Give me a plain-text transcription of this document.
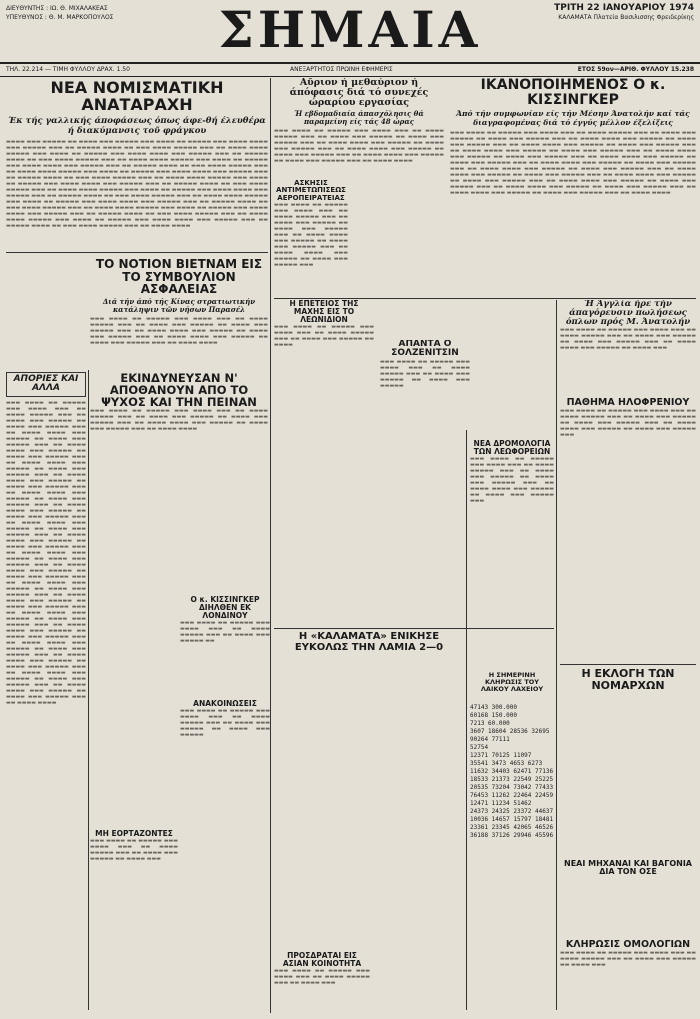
ΔΙΕΥΘΥΝΤΗΣ : ΙΩ. Θ. ΜΙΧΑΛΑΚΕΑΣ
ΥΠΕΥΘΥΝΟΣ : Θ. Μ. ΜΑΡΚΟΠΟΥΛΟΣ ΣΗΜΑΙΑ	ΤΡΙΤΗ 22 ΙΑΝΟΥΑΡΙΟΥ 1974
ΚΑΛΑΜΑΤΑ Πλατεία Βασιλισσης Φρειδερίκης
ΤΗΛ. 22.214 — ΤΙΜΗ ΦΥΛΛΟΥ ΔΡΑΧ. 1.50	ΑΝΕΞΑΡΤΗΤΟΣ ΠΡΩΙΝΗ ΕΦΗΜΕΡΙΣ	ΕΤΟΣ 59ον—ΑΡΙΘ. ΦΥΛΛΟΥ 15.238
ΝΕΑ ΝΟΜΙΣΜΑΤΙΚΗ ΑΝΑΤΑΡΑΧΗ
Έκ τής γαλλικής άποφάσεως όπως άφε-θή έλευθέρα ή διακύμανσις τοῦ φράγκου
▬▬▬▬ ▬▬▬ ▬▬▬▬▬ ▬▬ ▬▬▬▬ ▬▬▬ ▬▬▬▬▬ ▬▬▬ ▬▬▬▬ ▬▬ ▬▬▬▬▬ ▬▬▬ ▬▬▬▬ ▬▬▬▬ ▬▬▬ ▬▬▬▬▬ ▬▬▬ ▬▬ ▬▬▬▬▬ ▬▬▬▬ ▬▬ ▬▬▬ ▬▬▬▬ ▬▬▬▬▬ ▬▬▬ ▬▬ ▬▬▬▬ ▬▬▬▬ ▬▬▬▬▬ ▬▬▬ ▬▬▬▬ ▬▬ ▬▬▬▬▬ ▬▬▬ ▬▬▬▬ ▬▬▬▬ ▬▬▬ ▬▬▬▬▬ ▬▬▬ ▬▬ ▬▬▬▬▬ ▬▬▬▬ ▬▬ ▬▬▬ ▬▬▬▬ ▬▬▬▬▬ ▬▬▬ ▬▬ ▬▬▬▬ ▬▬▬▬ ▬▬▬▬▬ ▬▬▬ ▬▬▬▬ ▬▬ ▬▬▬▬▬ ▬▬▬ ▬▬▬▬ ▬▬▬▬ ▬▬▬ ▬▬▬▬▬ ▬▬▬ ▬▬ ▬▬▬▬▬ ▬▬▬▬ ▬▬ ▬▬▬ ▬▬▬▬ ▬▬▬▬▬ ▬▬▬ ▬▬ ▬▬▬▬ ▬▬▬▬ ▬▬▬▬▬ ▬▬▬ ▬▬▬▬ ▬▬ ▬▬▬▬▬ ▬▬▬ ▬▬▬▬ ▬▬▬▬ ▬▬▬ ▬▬▬▬▬ ▬▬▬ ▬▬ ▬▬▬▬▬ ▬▬▬▬ ▬▬ ▬▬▬ ▬▬▬▬ ▬▬▬▬▬ ▬▬▬ ▬▬ ▬▬▬▬ ▬▬▬▬ ▬▬▬▬▬ ▬▬▬ ▬▬▬▬ ▬▬ ▬▬▬▬▬ ▬▬▬ ▬▬▬▬ ▬▬▬▬ ▬▬▬ ▬▬▬▬▬ ▬▬▬ ▬▬ ▬▬▬▬▬ ▬▬▬▬ ▬▬ ▬▬▬ ▬▬▬▬ ▬▬▬▬▬ ▬▬▬ ▬▬ ▬▬▬▬ ▬▬▬▬ ▬▬▬▬▬ ▬▬▬ ▬▬▬▬ ▬▬ ▬▬▬▬▬ ▬▬▬ ▬▬▬▬ ▬▬▬▬ ▬▬▬ ▬▬▬▬▬ ▬▬▬ ▬▬ ▬▬▬▬▬ ▬▬▬▬ ▬▬ ▬▬▬ ▬▬▬▬ ▬▬▬▬▬ ▬▬▬ ▬▬ ▬▬▬▬ ▬▬▬▬ ▬▬▬▬▬ ▬▬▬ ▬▬▬▬ ▬▬ ▬▬▬▬▬ ▬▬▬ ▬▬▬▬ ▬▬▬▬ ▬▬▬ ▬▬▬▬▬ ▬▬▬ ▬▬ ▬▬▬▬▬ ▬▬▬▬ ▬▬ ▬▬▬ ▬▬▬▬ ▬▬▬▬▬ ▬▬▬ ▬▬ ▬▬▬▬ ▬▬▬▬ ▬▬▬▬▬ ▬▬▬ ▬▬▬▬ ▬▬ ▬▬▬▬▬ ▬▬▬ ▬▬▬▬ ▬▬▬▬ ▬▬▬ ▬▬▬▬▬ ▬▬▬ ▬▬ ▬▬▬▬▬ ▬▬▬▬ ▬▬ ▬▬▬ ▬▬▬▬ ▬▬▬▬▬ ▬▬▬ ▬▬ ▬▬▬▬ ▬▬▬▬ ▬▬▬▬▬ ▬▬▬ ▬▬▬▬ ▬▬ ▬▬▬▬▬ ▬▬▬ ▬▬▬▬ ▬▬▬▬ ▬▬▬ ▬▬▬▬▬ ▬▬▬ ▬▬ ▬▬▬▬▬ ▬▬▬▬ ▬▬ ▬▬▬ ▬▬▬▬ ▬▬▬▬▬ ▬▬▬ ▬▬ ▬▬▬▬ ▬▬▬▬
Αὔριον ή μεθαύριον ή άπόφασις διά τό συνεχές ώραρίου εργασίας
Ή εβδομαδιαία άπασχόλησις θά παραμείνη είς τάς 48 ώρας
▬▬▬ ▬▬▬▬ ▬▬ ▬▬▬▬▬ ▬▬▬ ▬▬▬▬ ▬▬▬ ▬▬ ▬▬▬▬ ▬▬▬▬▬ ▬▬▬ ▬▬ ▬▬▬▬ ▬▬▬ ▬▬▬▬▬ ▬▬ ▬▬▬▬ ▬▬▬ ▬▬▬▬▬ ▬▬▬ ▬▬ ▬▬▬▬ ▬▬▬▬ ▬▬▬ ▬▬▬▬▬ ▬▬ ▬▬▬▬ ▬▬▬ ▬▬▬▬▬ ▬▬▬ ▬▬ ▬▬▬▬ ▬▬▬▬ ▬▬▬ ▬▬▬▬▬ ▬▬ ▬▬▬▬ ▬▬▬ ▬▬▬▬▬ ▬▬▬ ▬▬ ▬▬▬▬ ▬▬▬▬ ▬▬▬ ▬▬▬▬▬ ▬▬ ▬▬▬▬ ▬▬▬ ▬▬▬▬▬ ▬▬▬ ▬▬ ▬▬▬▬ ▬▬▬▬
ΙΚΑΝΟΠΟΙΗΜΕΝΟΣ Ο κ. ΚΙΣΣΙΝΓΚΕΡ
Άπό τήν συμφωνίαν είς τήν Μέσην Άνατολήν καί τάς διαγραφομένας διά τό έγγύς μέλλον έξελίξεις
▬▬▬ ▬▬▬▬ ▬▬ ▬▬▬▬▬ ▬▬▬ ▬▬▬▬ ▬▬▬ ▬▬ ▬▬▬▬ ▬▬▬▬▬ ▬▬▬ ▬▬ ▬▬▬▬ ▬▬▬ ▬▬▬▬▬ ▬▬ ▬▬▬▬ ▬▬▬ ▬▬▬▬▬ ▬▬▬ ▬▬ ▬▬▬▬ ▬▬▬▬ ▬▬▬ ▬▬▬▬▬ ▬▬ ▬▬▬▬ ▬▬▬ ▬▬▬▬▬ ▬▬▬ ▬▬ ▬▬▬▬ ▬▬▬▬ ▬▬▬ ▬▬▬▬▬ ▬▬ ▬▬▬▬ ▬▬▬ ▬▬▬▬▬ ▬▬▬ ▬▬ ▬▬▬▬ ▬▬▬▬ ▬▬▬ ▬▬▬▬▬ ▬▬ ▬▬▬▬ ▬▬▬ ▬▬▬▬▬ ▬▬▬ ▬▬ ▬▬▬▬ ▬▬▬▬ ▬▬▬ ▬▬▬▬▬ ▬▬ ▬▬▬▬ ▬▬▬ ▬▬▬▬▬ ▬▬▬ ▬▬ ▬▬▬▬ ▬▬▬▬ ▬▬▬ ▬▬▬▬▬ ▬▬ ▬▬▬▬ ▬▬▬ ▬▬▬▬▬ ▬▬▬ ▬▬ ▬▬▬▬ ▬▬▬▬ ▬▬▬ ▬▬▬▬▬ ▬▬ ▬▬▬▬ ▬▬▬ ▬▬▬▬▬ ▬▬▬ ▬▬ ▬▬▬▬ ▬▬▬▬ ▬▬▬ ▬▬▬▬▬ ▬▬ ▬▬▬▬ ▬▬▬ ▬▬▬▬▬ ▬▬▬ ▬▬ ▬▬▬▬ ▬▬▬▬ ▬▬▬ ▬▬▬▬▬ ▬▬ ▬▬▬▬ ▬▬▬ ▬▬▬▬▬ ▬▬▬ ▬▬ ▬▬▬▬ ▬▬▬▬ ▬▬▬ ▬▬▬▬▬ ▬▬ ▬▬▬▬ ▬▬▬ ▬▬▬▬▬ ▬▬▬ ▬▬ ▬▬▬▬ ▬▬▬▬ ▬▬▬ ▬▬▬▬▬ ▬▬ ▬▬▬▬ ▬▬▬ ▬▬▬▬▬ ▬▬▬ ▬▬ ▬▬▬▬ ▬▬▬▬ ▬▬▬ ▬▬▬▬▬ ▬▬ ▬▬▬▬ ▬▬▬ ▬▬▬▬▬ ▬▬▬ ▬▬ ▬▬▬▬ ▬▬▬▬ ▬▬▬ ▬▬▬▬▬ ▬▬ ▬▬▬▬ ▬▬▬ ▬▬▬▬▬ ▬▬▬ ▬▬ ▬▬▬▬ ▬▬▬▬
ΑΣΚΗΣΙΣ ΑΝΤΙΜΕΤΩΠΙΣΕΩΣ ΑΕΡΟΠΕΙΡΑΤΕΙΑΣ
▬▬▬ ▬▬▬▬ ▬▬ ▬▬▬▬▬ ▬▬▬ ▬▬▬▬ ▬▬▬ ▬▬ ▬▬▬▬ ▬▬▬▬▬ ▬▬▬ ▬▬ ▬▬▬▬ ▬▬▬ ▬▬▬▬▬ ▬▬ ▬▬▬▬ ▬▬▬ ▬▬▬▬▬ ▬▬▬ ▬▬ ▬▬▬▬ ▬▬▬▬ ▬▬▬ ▬▬▬▬▬ ▬▬ ▬▬▬▬ ▬▬▬ ▬▬▬▬▬ ▬▬▬ ▬▬ ▬▬▬▬ ▬▬▬▬ ▬▬▬ ▬▬▬▬▬ ▬▬ ▬▬▬▬ ▬▬▬ ▬▬▬▬▬ ▬▬▬
ΤΟ NOTION ΒΙΕΤΝΑΜ ΕΙΣ ΤΟ ΣΥΜΒΟΥΛΙΟΝ ΑΣΦΑΛΕΙΑΣ
Διά τήν άπό τής Κίνας στρατιωτικήν κατάληψιν τῶν νήσων Παρασέλ
▬▬▬ ▬▬▬▬ ▬▬ ▬▬▬▬▬ ▬▬▬ ▬▬▬▬ ▬▬▬ ▬▬ ▬▬▬▬ ▬▬▬▬▬ ▬▬▬ ▬▬ ▬▬▬▬ ▬▬▬ ▬▬▬▬▬ ▬▬ ▬▬▬▬ ▬▬▬ ▬▬▬▬▬ ▬▬▬ ▬▬ ▬▬▬▬ ▬▬▬▬ ▬▬▬ ▬▬▬▬▬ ▬▬ ▬▬▬▬ ▬▬▬ ▬▬▬▬▬ ▬▬▬ ▬▬ ▬▬▬▬ ▬▬▬▬ ▬▬▬ ▬▬▬▬▬ ▬▬ ▬▬▬▬ ▬▬▬ ▬▬▬▬▬ ▬▬▬ ▬▬ ▬▬▬▬ ▬▬▬▬
ΑΠΟΡΙΕΣ ΚΑΙ ΑΛΛΑ
▬▬▬ ▬▬▬▬ ▬▬ ▬▬▬▬▬ ▬▬▬ ▬▬▬▬ ▬▬▬ ▬▬ ▬▬▬▬ ▬▬▬▬▬ ▬▬▬ ▬▬ ▬▬▬▬ ▬▬▬ ▬▬▬▬▬ ▬▬ ▬▬▬▬ ▬▬▬ ▬▬▬▬▬ ▬▬▬ ▬▬ ▬▬▬▬ ▬▬▬▬ ▬▬▬ ▬▬▬▬▬ ▬▬ ▬▬▬▬ ▬▬▬ ▬▬▬▬▬ ▬▬▬ ▬▬ ▬▬▬▬ ▬▬▬▬ ▬▬▬ ▬▬▬▬▬ ▬▬ ▬▬▬▬ ▬▬▬ ▬▬▬▬▬ ▬▬▬ ▬▬ ▬▬▬▬ ▬▬▬▬ ▬▬▬ ▬▬▬▬▬ ▬▬ ▬▬▬▬ ▬▬▬ ▬▬▬▬▬ ▬▬▬ ▬▬ ▬▬▬▬ ▬▬▬▬ ▬▬▬ ▬▬▬▬▬ ▬▬ ▬▬▬▬ ▬▬▬ ▬▬▬▬▬ ▬▬▬ ▬▬ ▬▬▬▬ ▬▬▬▬ ▬▬▬ ▬▬▬▬▬ ▬▬ ▬▬▬▬ ▬▬▬ ▬▬▬▬▬ ▬▬▬ ▬▬ ▬▬▬▬ ▬▬▬▬ ▬▬▬ ▬▬▬▬▬ ▬▬ ▬▬▬▬ ▬▬▬ ▬▬▬▬▬ ▬▬▬ ▬▬ ▬▬▬▬ ▬▬▬▬ ▬▬▬ ▬▬▬▬▬ ▬▬ ▬▬▬▬ ▬▬▬ ▬▬▬▬▬ ▬▬▬ ▬▬ ▬▬▬▬ ▬▬▬▬ ▬▬▬ ▬▬▬▬▬ ▬▬ ▬▬▬▬ ▬▬▬ ▬▬▬▬▬ ▬▬▬ ▬▬ ▬▬▬▬ ▬▬▬▬ ▬▬▬ ▬▬▬▬▬ ▬▬ ▬▬▬▬ ▬▬▬ ▬▬▬▬▬ ▬▬▬ ▬▬ ▬▬▬▬ ▬▬▬▬ ▬▬▬ ▬▬▬▬▬ ▬▬ ▬▬▬▬ ▬▬▬ ▬▬▬▬▬ ▬▬▬ ▬▬ ▬▬▬▬ ▬▬▬▬ ▬▬▬ ▬▬▬▬▬ ▬▬ ▬▬▬▬ ▬▬▬ ▬▬▬▬▬ ▬▬▬ ▬▬ ▬▬▬▬ ▬▬▬▬ ▬▬▬ ▬▬▬▬▬ ▬▬ ▬▬▬▬ ▬▬▬ ▬▬▬▬▬ ▬▬▬ ▬▬ ▬▬▬▬ ▬▬▬▬ ▬▬▬ ▬▬▬▬▬ ▬▬ ▬▬▬▬ ▬▬▬ ▬▬▬▬▬ ▬▬▬ ▬▬ ▬▬▬▬ ▬▬▬▬ ▬▬▬ ▬▬▬▬▬ ▬▬ ▬▬▬▬ ▬▬▬ ▬▬▬▬▬ ▬▬▬ ▬▬ ▬▬▬▬ ▬▬▬▬ ▬▬▬ ▬▬▬▬▬ ▬▬ ▬▬▬▬ ▬▬▬ ▬▬▬▬▬ ▬▬▬ ▬▬ ▬▬▬▬ ▬▬▬▬ ▬▬▬ ▬▬▬▬▬ ▬▬ ▬▬▬▬ ▬▬▬ ▬▬▬▬▬ ▬▬▬ ▬▬ ▬▬▬▬ ▬▬▬▬ ▬▬▬ ▬▬▬▬▬ ▬▬ ▬▬▬▬ ▬▬▬ ▬▬▬▬▬ ▬▬▬ ▬▬ ▬▬▬▬ ▬▬▬▬ ▬▬▬ ▬▬▬▬▬ ▬▬ ▬▬▬▬ ▬▬▬ ▬▬▬▬▬ ▬▬▬ ▬▬ ▬▬▬▬ ▬▬▬▬
Η ΕΠΕΤΕΙΟΣ ΤΗΣ ΜΑΧΗΣ ΕΙΣ ΤΟ ΛΕΩΝΙΔΙΟΝ
▬▬▬ ▬▬▬▬ ▬▬ ▬▬▬▬▬ ▬▬▬ ▬▬▬▬ ▬▬▬ ▬▬ ▬▬▬▬ ▬▬▬▬▬ ▬▬▬ ▬▬ ▬▬▬▬ ▬▬▬ ▬▬▬▬▬ ▬▬ ▬▬▬▬	ΑΠΑΝΤΑ Ο ΣΟΛΖΕΝΙΤΣΙΝ
▬▬▬ ▬▬▬▬ ▬▬ ▬▬▬▬▬ ▬▬▬ ▬▬▬▬ ▬▬▬ ▬▬ ▬▬▬▬ ▬▬▬▬▬ ▬▬▬ ▬▬ ▬▬▬▬ ▬▬▬ ▬▬▬▬▬ ▬▬ ▬▬▬▬ ▬▬▬ ▬▬▬▬▬
ΕΚΙΝΔΥΝΕΥΣΑΝ Ν' ΑΠΟΘΑΝΟΥΝ ΑΠΟ ΤΟ ΨΥΧΟΣ ΚΑΙ ΤΗΝ ΠΕΙΝΑΝ
▬▬▬ ▬▬▬▬ ▬▬ ▬▬▬▬▬ ▬▬▬ ▬▬▬▬ ▬▬▬ ▬▬ ▬▬▬▬ ▬▬▬▬▬ ▬▬▬ ▬▬ ▬▬▬▬ ▬▬▬ ▬▬▬▬▬ ▬▬ ▬▬▬▬ ▬▬▬ ▬▬▬▬▬ ▬▬▬ ▬▬ ▬▬▬▬ ▬▬▬▬ ▬▬▬ ▬▬▬▬▬ ▬▬ ▬▬▬▬ ▬▬▬ ▬▬▬▬▬ ▬▬▬ ▬▬ ▬▬▬▬ ▬▬▬▬
Ο κ. ΚΙΣΣΙΝΓΚΕΡ ΔΙΗΛΘΕΝ ΕΚ ΛΟΝΔΙΝΟΥ
▬▬▬ ▬▬▬▬ ▬▬ ▬▬▬▬▬ ▬▬▬ ▬▬▬▬ ▬▬▬ ▬▬ ▬▬▬▬ ▬▬▬▬▬ ▬▬▬ ▬▬ ▬▬▬▬ ▬▬▬ ▬▬▬▬▬ ▬▬	Η «ΚΑΛΑΜΑΤΑ» ΕΝΙΚΗΣΕ ΕΥΚΟΛΩΣ ΤΗΝ ΛΑΜΙΑ 2—0
ΠΑΘΗΜΑ ΗΛΟΦΡΕΝΙΟΥ
▬▬▬ ▬▬▬▬ ▬▬ ▬▬▬▬▬ ▬▬▬ ▬▬▬▬ ▬▬▬ ▬▬ ▬▬▬▬ ▬▬▬▬▬ ▬▬▬ ▬▬ ▬▬▬▬ ▬▬▬ ▬▬▬▬▬ ▬▬ ▬▬▬▬ ▬▬▬ ▬▬▬▬▬ ▬▬▬ ▬▬ ▬▬▬▬ ▬▬▬▬ ▬▬▬ ▬▬▬▬▬ ▬▬ ▬▬▬▬ ▬▬▬ ▬▬▬▬▬ ▬▬▬
ΝΕΑ ΔΡΟΜΟΛΟΓΙΑ ΤΩΝ ΛΕΩΦΟΡΕΙΩΝ
▬▬▬ ▬▬▬▬ ▬▬ ▬▬▬▬▬ ▬▬▬ ▬▬▬▬ ▬▬▬ ▬▬ ▬▬▬▬ ▬▬▬▬▬ ▬▬▬ ▬▬ ▬▬▬▬ ▬▬▬ ▬▬▬▬▬ ▬▬ ▬▬▬▬ ▬▬▬ ▬▬▬▬▬ ▬▬▬ ▬▬ ▬▬▬▬ ▬▬▬▬ ▬▬▬ ▬▬▬▬▬ ▬▬ ▬▬▬▬ ▬▬▬ ▬▬▬▬▬ ▬▬▬
Ή Άγγλία ήρε τήν άπαγόρευσιν πωλήσεως όπλων πρός Μ. Άνατολήν
▬▬▬ ▬▬▬▬ ▬▬ ▬▬▬▬▬ ▬▬▬ ▬▬▬▬ ▬▬▬ ▬▬ ▬▬▬▬ ▬▬▬▬▬ ▬▬▬ ▬▬ ▬▬▬▬ ▬▬▬ ▬▬▬▬▬ ▬▬ ▬▬▬▬ ▬▬▬ ▬▬▬▬▬ ▬▬▬ ▬▬ ▬▬▬▬ ▬▬▬▬ ▬▬▬ ▬▬▬▬▬ ▬▬ ▬▬▬▬ ▬▬▬
Η ΕΚΛΟΓΗ ΤΩΝ ΝΟΜΑΡΧΩΝ
ΑΝΑΚΟΙΝΩΣΕΙΣ
▬▬▬ ▬▬▬▬ ▬▬ ▬▬▬▬▬ ▬▬▬ ▬▬▬▬ ▬▬▬ ▬▬ ▬▬▬▬ ▬▬▬▬▬ ▬▬▬ ▬▬ ▬▬▬▬ ▬▬▬ ▬▬▬▬▬ ▬▬ ▬▬▬▬ ▬▬▬ ▬▬▬▬▬
ΜΗ ΕΟΡΤΑΖΟΝΤΕΣ
▬▬▬ ▬▬▬▬ ▬▬ ▬▬▬▬▬ ▬▬▬ ▬▬▬▬ ▬▬▬ ▬▬ ▬▬▬▬ ▬▬▬▬▬ ▬▬▬ ▬▬ ▬▬▬▬ ▬▬▬ ▬▬▬▬▬ ▬▬ ▬▬▬▬ ▬▬▬
ΚΛΗΡΩΣΙΣ ΟΜΟΛΟΓΙΩΝ
▬▬▬ ▬▬▬▬ ▬▬ ▬▬▬▬▬ ▬▬▬ ▬▬▬▬ ▬▬▬ ▬▬ ▬▬▬▬ ▬▬▬▬▬ ▬▬▬ ▬▬ ▬▬▬▬ ▬▬▬ ▬▬▬▬▬ ▬▬ ▬▬▬▬ ▬▬▬
ΠΡΟΣΔΡΑΤΑΙ ΕΙΣ ΑΣΙΑΝ ΚΟΙΝΟΤΗΤΑ
▬▬▬ ▬▬▬▬ ▬▬ ▬▬▬▬▬ ▬▬▬ ▬▬▬▬ ▬▬▬ ▬▬ ▬▬▬▬ ▬▬▬▬▬ ▬▬▬ ▬▬ ▬▬▬▬ ▬▬▬
Η ΣΗΜΕΡΙΝΗ ΚΛΗΡΩΣΙΣ ΤΟΥ ΛΑΙΚΟΥ ΛΑΧΕΙΟΥ
47143 300.000
60168 150.000
7213 60.000
3607 18604 28536 32695
90264 77111
52754
12371 70125 11097
35541 3473 4653 6273
11632 34403 62471 77136
18533 21373 22549 25225
20535 73204 73042 77433
76453 11262 22464 22459
12471 11234 51462
24373 24325 23372 44637
10036 14657 15797 18481
23361 23345 42065 46526
36188 37126 29946 45596
ΝΕΑΙ ΜΗΧΑΝΑΙ ΚΑΙ ΒΑΓΟΝΙΑ ΔΙΑ ΤΟΝ ΟΣΕ
